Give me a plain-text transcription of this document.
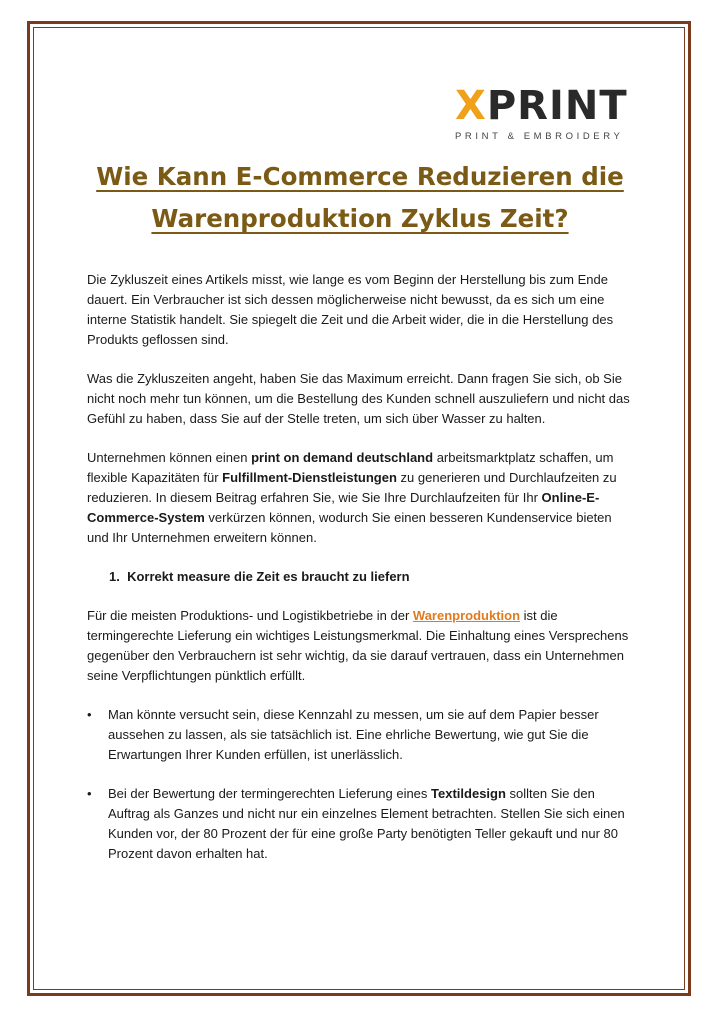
XPRINT
PRINT & EMBROIDERY
Wie Kann E-Commerce Reduzieren die
Warenproduktion Zyklus Zeit?

Die Zykluszeit eines Artikels misst, wie lange es vom Beginn der Herstellung bis zum Ende dauert. Ein Verbraucher ist sich dessen möglicherweise nicht bewusst, da es sich um eine interne Statistik handelt. Sie spiegelt die Zeit und die Arbeit wider, die in die Herstellung des Produkts geflossen sind.

Was die Zykluszeiten angeht, haben Sie das Maximum erreicht. Dann fragen Sie sich, ob Sie nicht noch mehr tun können, um die Bestellung des Kunden schnell auszuliefern und nicht das Gefühl zu haben, dass Sie auf der Stelle treten, um sich über Wasser zu halten.

Unternehmen können einen print on demand deutschland arbeitsmarktplatz schaffen, um flexible Kapazitäten für Fulfillment-Dienstleistungen zu generieren und Durchlaufzeiten zu reduzieren. In diesem Beitrag erfahren Sie, wie Sie Ihre Durchlaufzeiten für Ihr Online-E-Commerce-System verkürzen können, wodurch Sie einen besseren Kundenservice bieten und Ihr Unternehmen erweitern können.

1. Korrekt measure die Zeit es braucht zu liefern

Für die meisten Produktions- und Logistikbetriebe in der Warenproduktion ist die termingerechte Lieferung ein wichtiges Leistungsmerkmal. Die Einhaltung eines Versprechens gegenüber den Verbrauchern ist sehr wichtig, da sie darauf vertrauen, dass ein Unternehmen seine Verpflichtungen pünktlich erfüllt.

• Man könnte versucht sein, diese Kennzahl zu messen, um sie auf dem Papier besser aussehen zu lassen, als sie tatsächlich ist. Eine ehrliche Bewertung, wie gut Sie die Erwartungen Ihrer Kunden erfüllen, ist unerlässlich.

• Bei der Bewertung der termingerechten Lieferung eines Textildesign sollten Sie den Auftrag als Ganzes und nicht nur ein einzelnes Element betrachten. Stellen Sie sich einen Kunden vor, der 80 Prozent der für eine große Party benötigten Teller gekauft und nur 80 Prozent davon erhalten hat.
